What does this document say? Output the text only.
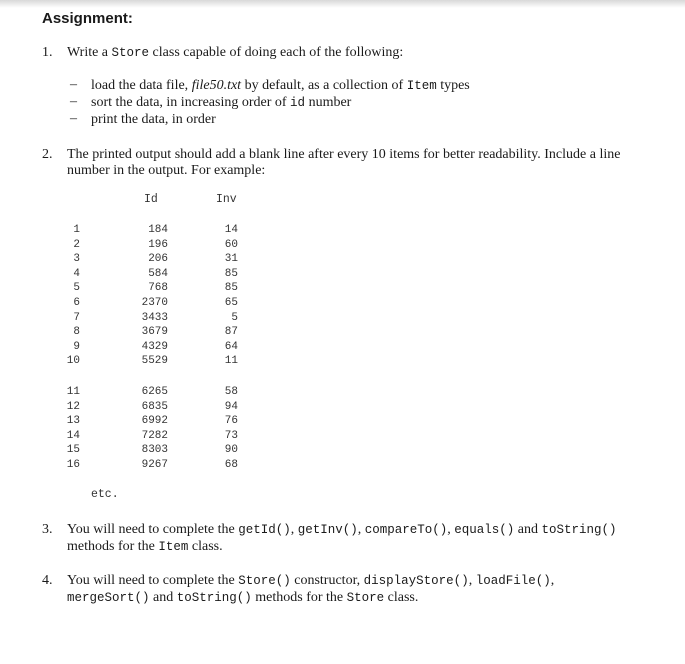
Assignment:
1. Write a Store class capable of doing each of the following:
– load the data file, file50.txt by default, as a collection of Item types
– sort the data, in increasing order of id number
– print the data, in order
2. The printed output should add a blank line after every 10 items for better readability. Include a line
number in the output. For example:
Id	Inv
1
2
3
4
5
6
7
8
9
10
184
196
206
584
768
2370
3433
3679
4329
5529
14
60
31
85
85
65
5
87
64
11
11
12
13
14
15
16
6265
6835
6992
7282
8303
9267
58
94
76
73
90
68
etc.
3. You will need to complete the getId(), getInv(), compareTo(), equals() and toString()
methods for the Item class.
4. You will need to complete the Store() constructor, displayStore(), loadFile(),
mergeSort() and toString() methods for the Store class.
